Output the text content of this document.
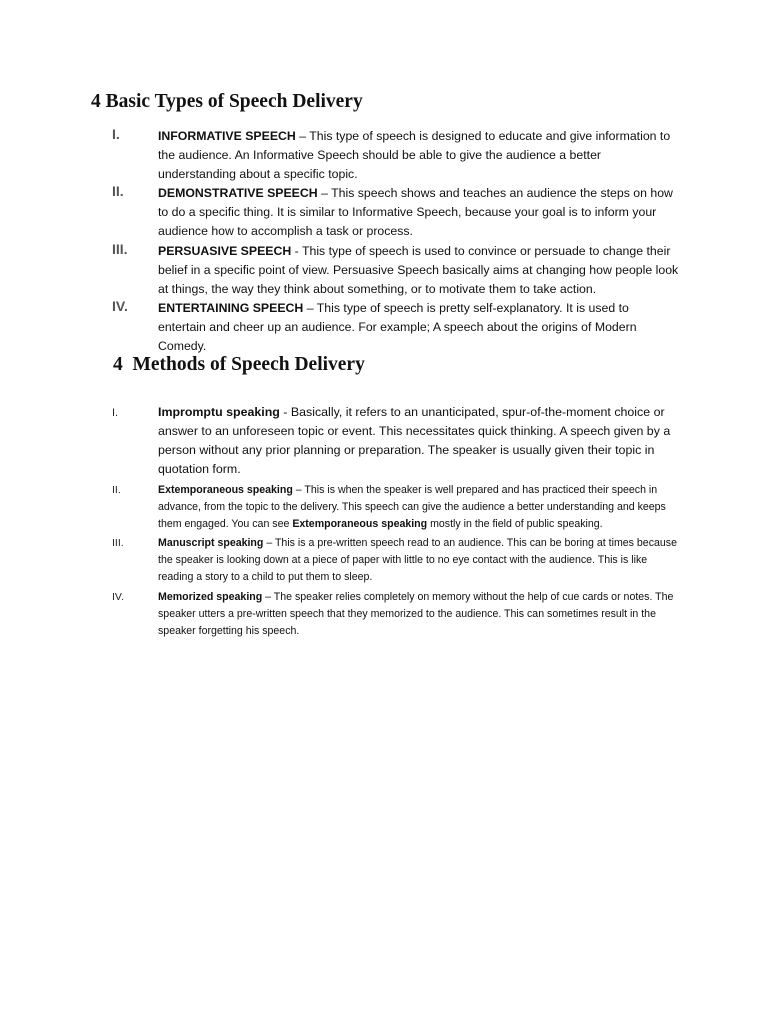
4 Basic Types of Speech Delivery
I.	INFORMATIVE SPEECH – This type of speech is designed to educate and give information to the audience. An Informative Speech should be able to give the audience a better understanding about a specific topic.
II.	DEMONSTRATIVE SPEECH – This speech shows and teaches an audience the steps on how to do a specific thing. It is similar to Informative Speech, because your goal is to inform your audience how to accomplish a task or process.
III. PERSUASIVE SPEECH - This type of speech is used to convince or persuade to change their belief in a specific point of view. Persuasive Speech basically aims at changing how people look at things, the way they think about something, or to motivate them to take action.
IV. ENTERTAINING SPEECH – This type of speech is pretty self-explanatory. It is used to entertain and cheer up an audience. For example; A speech about the origins of Modern Comedy.
4  Methods of Speech Delivery
I.	Impromptu speaking - Basically, it refers to an unanticipated, spur-of-the-moment choice or answer to an unforeseen topic or event. This necessitates quick thinking. A speech given by a person without any prior planning or preparation. The speaker is usually given their topic in quotation form.
II.	Extemporaneous speaking – This is when the speaker is well prepared and has practiced their speech in advance, from the topic to the delivery. This speech can give the audience a better understanding and keeps them engaged. You can see Extemporaneous speaking mostly in the field of public speaking.
III.	Manuscript speaking – This is a pre-written speech read to an audience. This can be boring at times because the speaker is looking down at a piece of paper with little to no eye contact with the audience. This is like reading a story to a child to put them to sleep.
IV.	Memorized speaking – The speaker relies completely on memory without the help of cue cards or notes. The speaker utters a pre-written speech that they memorized to the audience. This can sometimes result in the speaker forgetting his speech.
